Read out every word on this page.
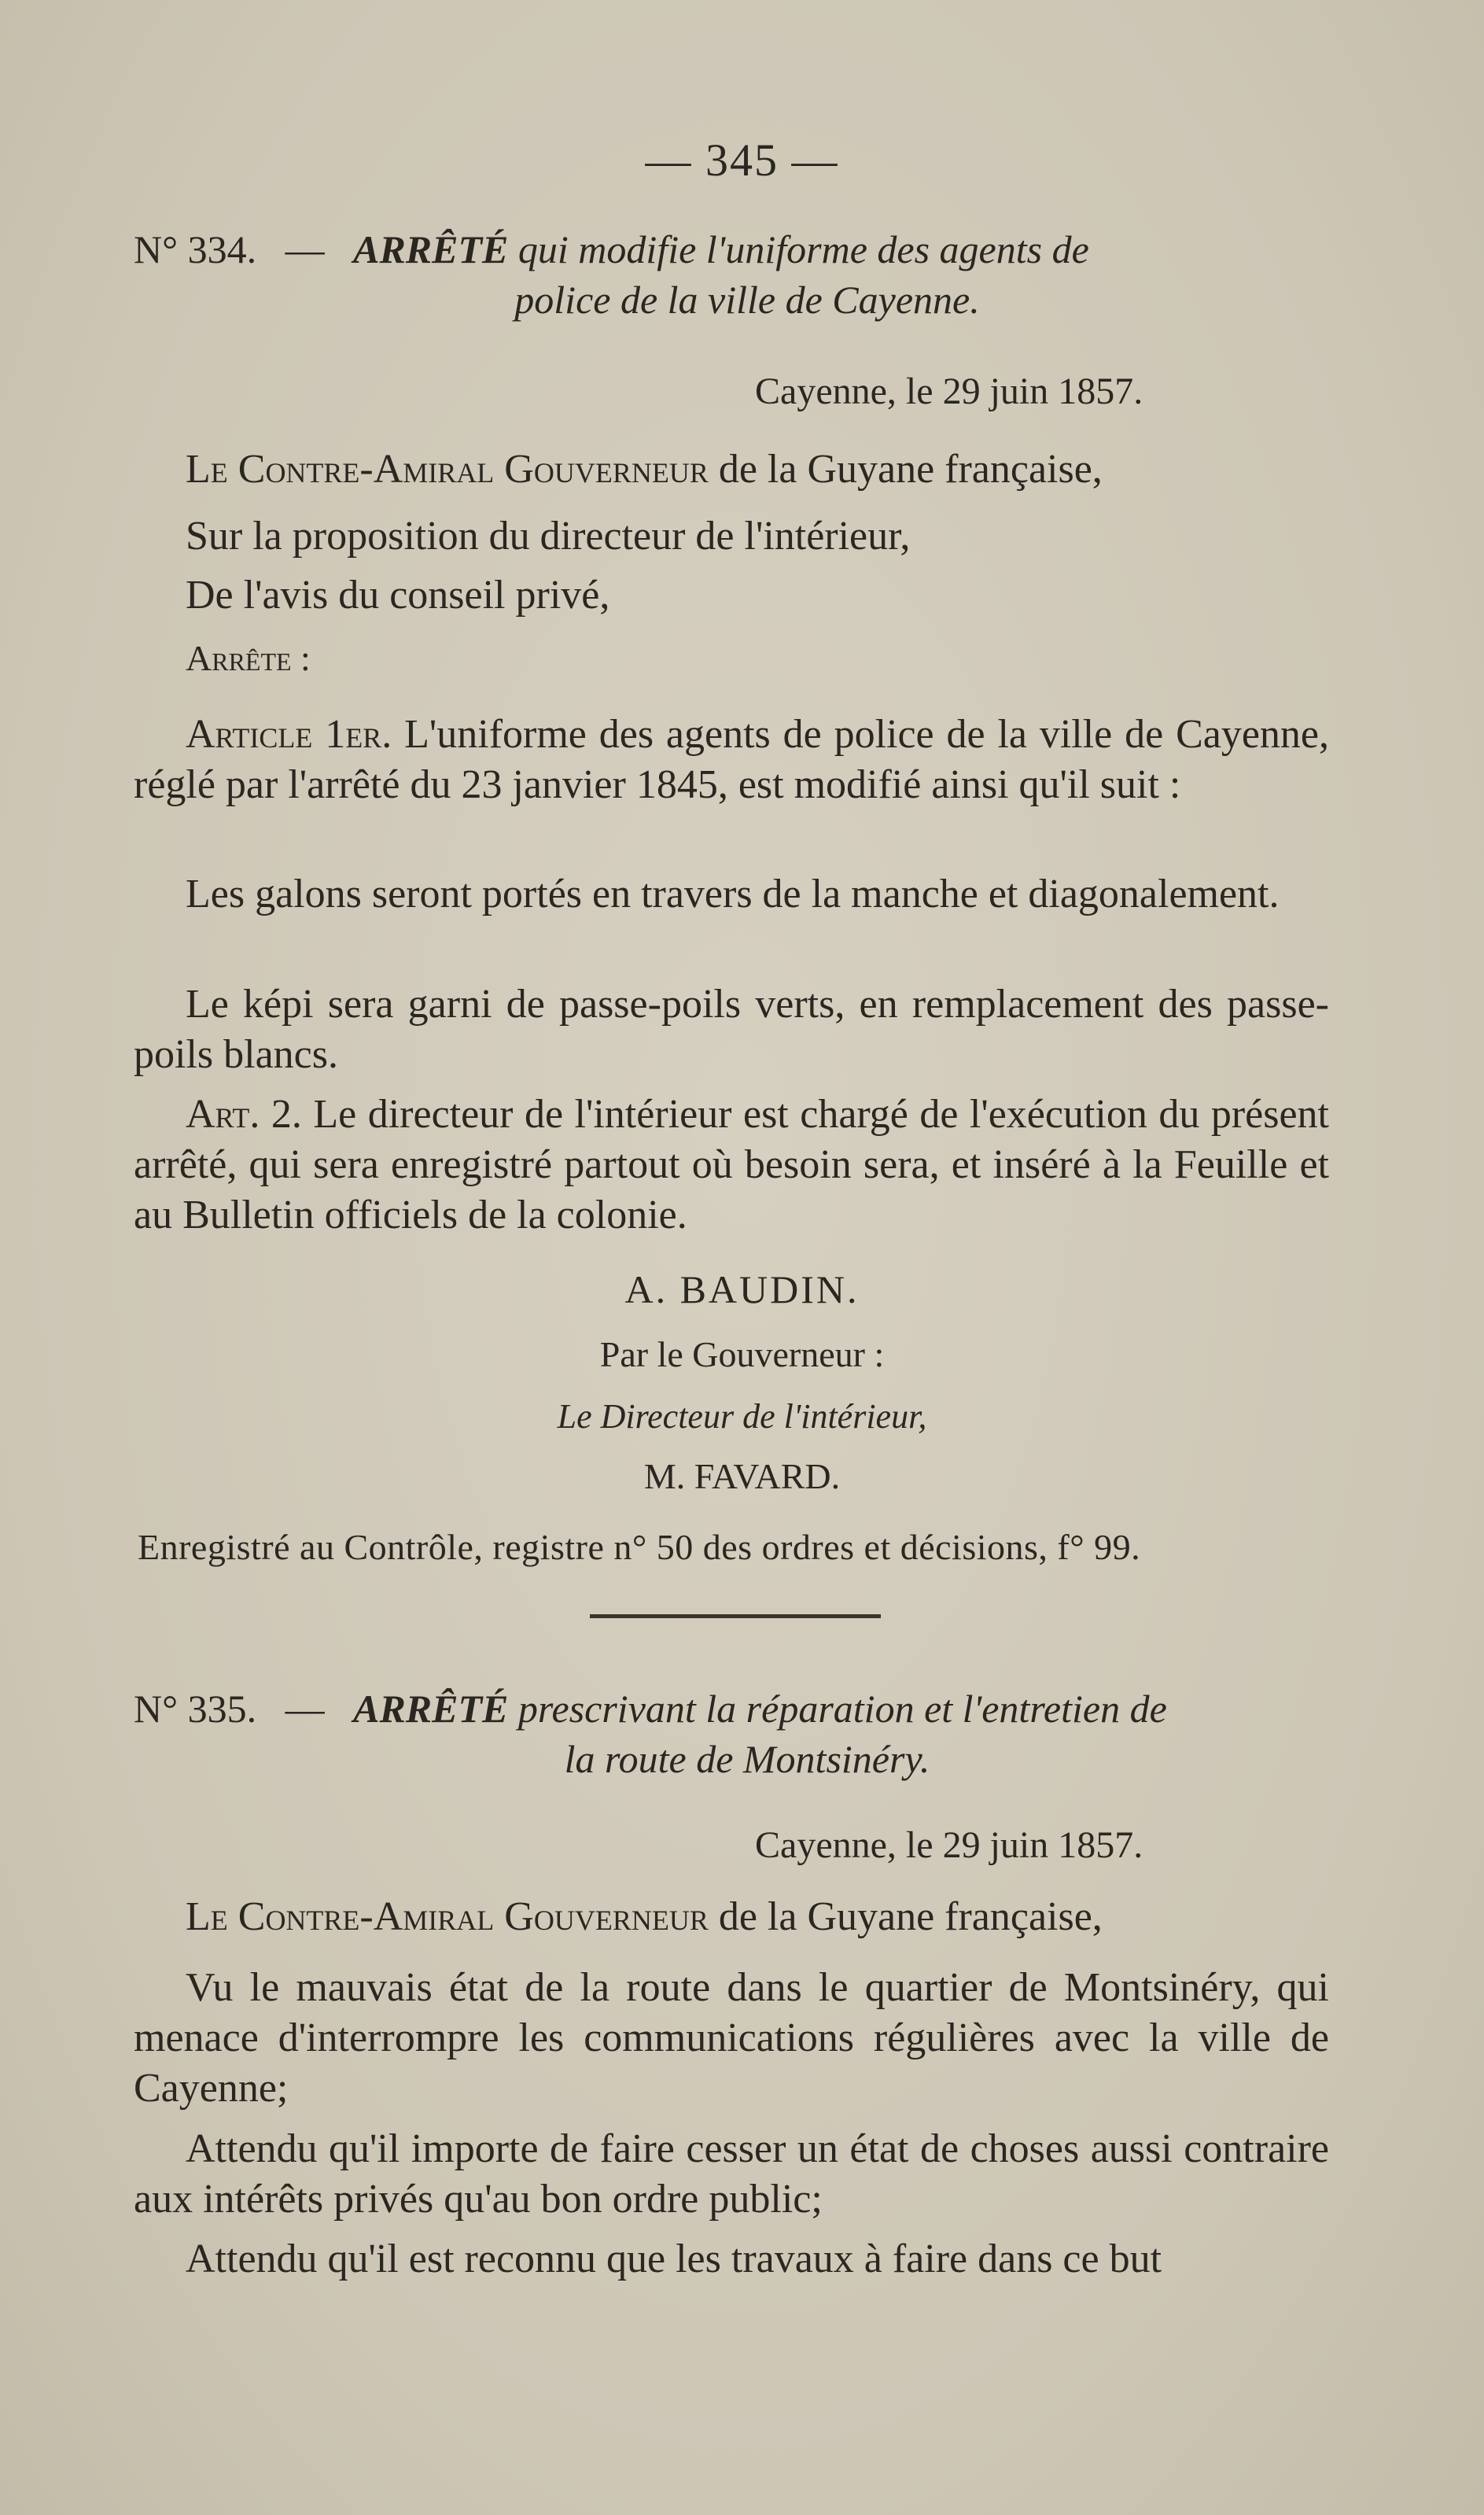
— 345 —
N° 334. — ARRÊTÉ qui modifie l'uniforme des agents de
police de la ville de Cayenne.
Cayenne, le 29 juin 1857.
Le Contre-Amiral Gouverneur de la Guyane française,
Sur la proposition du directeur de l'intérieur,
De l'avis du conseil privé,
Arrête :
Article 1er. L'uniforme des agents de police de la ville de Cayenne, réglé par l'arrêté du 23 janvier 1845, est modifié ainsi qu'il suit :
Les galons seront portés en travers de la manche et diagonalement.
Le képi sera garni de passe-poils verts, en remplacement des passe-poils blancs.
Art. 2. Le directeur de l'intérieur est chargé de l'exécution du présent arrêté, qui sera enregistré partout où besoin sera, et inséré à la Feuille et au Bulletin officiels de la colonie.
A. BAUDIN.
Par le Gouverneur :
Le Directeur de l'intérieur,
M. FAVARD.
Enregistré au Contrôle, registre n° 50 des ordres et décisions, f° 99.
N° 335. — ARRÊTÉ prescrivant la réparation et l'entretien de
la route de Montsinéry.
Cayenne, le 29 juin 1857.
Le Contre-Amiral Gouverneur de la Guyane française,
Vu le mauvais état de la route dans le quartier de Montsinéry, qui menace d'interrompre les communications régulières avec la ville de Cayenne;
Attendu qu'il importe de faire cesser un état de choses aussi contraire aux intérêts privés qu'au bon ordre public;
Attendu qu'il est reconnu que les travaux à faire dans ce but
